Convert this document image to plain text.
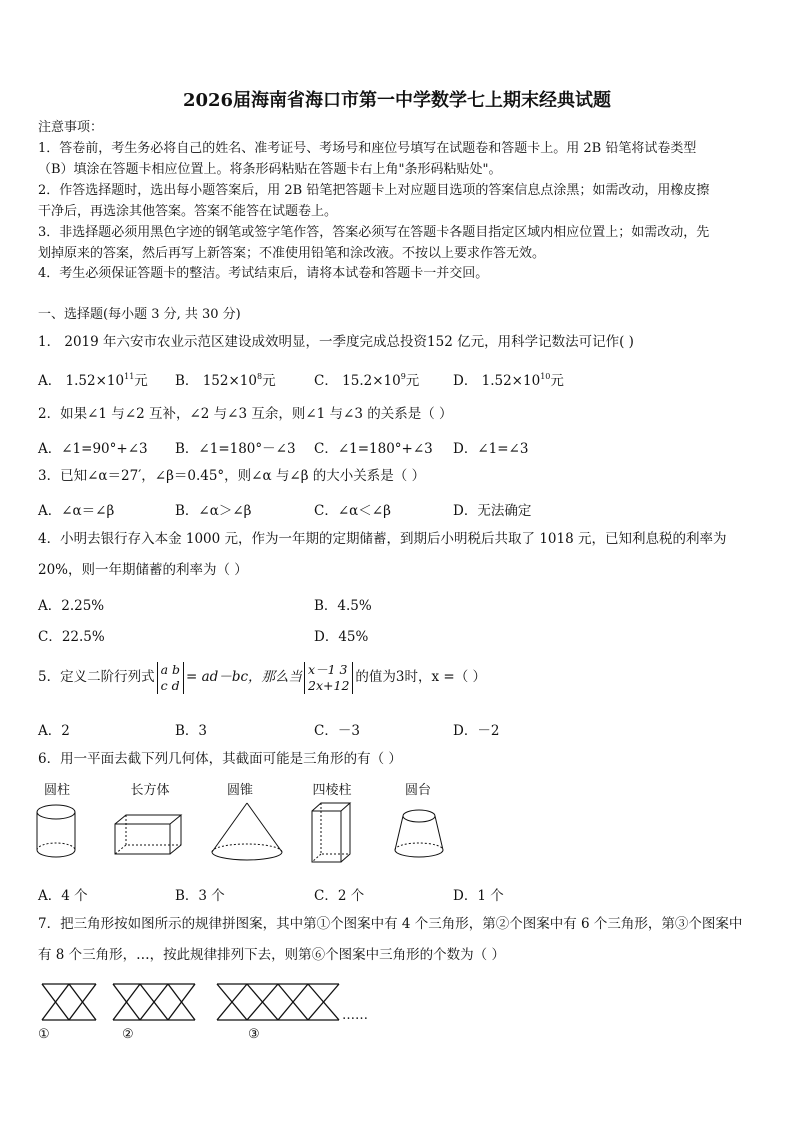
2026届海南省海口市第一中学数学七上期末经典试题
注意事项：
1．答卷前，考生务必将自己的姓名、准考证号、考场号和座位号填写在试题卷和答题卡上。用 2B 铅笔将试卷类型
（B）填涂在答题卡相应位置上。将条形码粘贴在答题卡右上角"条形码粘贴处"。
2．作答选择题时，选出每小题答案后，用 2B 铅笔把答题卡上对应题目选项的答案信息点涂黑；如需改动，用橡皮擦
干净后，再选涂其他答案。答案不能答在试题卷上。
3．非选择题必须用黑色字迹的钢笔或签字笔作答，答案必须写在答题卡各题目指定区域内相应位置上；如需改动，先
划掉原来的答案，然后再写上新答案；不准使用铅笔和涂改液。不按以上要求作答无效。
4．考生必须保证答题卡的整洁。考试结束后，请将本试卷和答题卡一并交回。
一、选择题(每小题 3 分, 共 30 分)
1． 2019 年六安市农业示范区建设成效明显，一季度完成总投资152 亿元，用科学记数法可记作( )
A． $1.52\times 10^{11}$元 B． $152\times 10^8$元	C． $15.2\times 10^9$元 D． $1.52\times 10^{10}$元
2．如果∠1 与∠2 互补，∠2 与∠3 互余，则∠1 与∠3 的关系是（ ）
A．∠1=90°+∠3 B．∠1=180°－∠3 C．∠1=180°+∠3 D．∠1=∠3
3．已知∠α＝27′，∠β＝0.45°，则∠α 与∠β 的大小关系是（ ）
A．∠α＝∠β	B．∠α＞∠β	C．∠α＜∠β	D．无法确定
4．小明去银行存入本金 1000 元，作为一年期的定期储蓄，到期后小明税后共取了 1018 元，已知利息税的利率为
20%，则一年期储蓄的利率为（ ）
A．2.25%	B．4.5%
C．22.5%	D．45%
5．定义二阶行列式 a b
c d = ad－bc，那么当 x－1 3
2x+12 的值为3时，x =（ ）
A．2	B．3	C．－3	D．－2
6．用一平面去截下列几何体，其截面可能是三角形的有（ ）
圆柱	长方体	圆锥	四棱柱	圆台
A．4 个	B．3 个	C．2 个	D．1 个
7．把三角形按如图所示的规律拼图案，其中第①个图案中有 4 个三角形，第②个图案中有 6 个三角形，第③个图案中
有 8 个三角形，…，按此规律排列下去，则第⑥个图案中三角形的个数为（ ）
……
①	②	③
